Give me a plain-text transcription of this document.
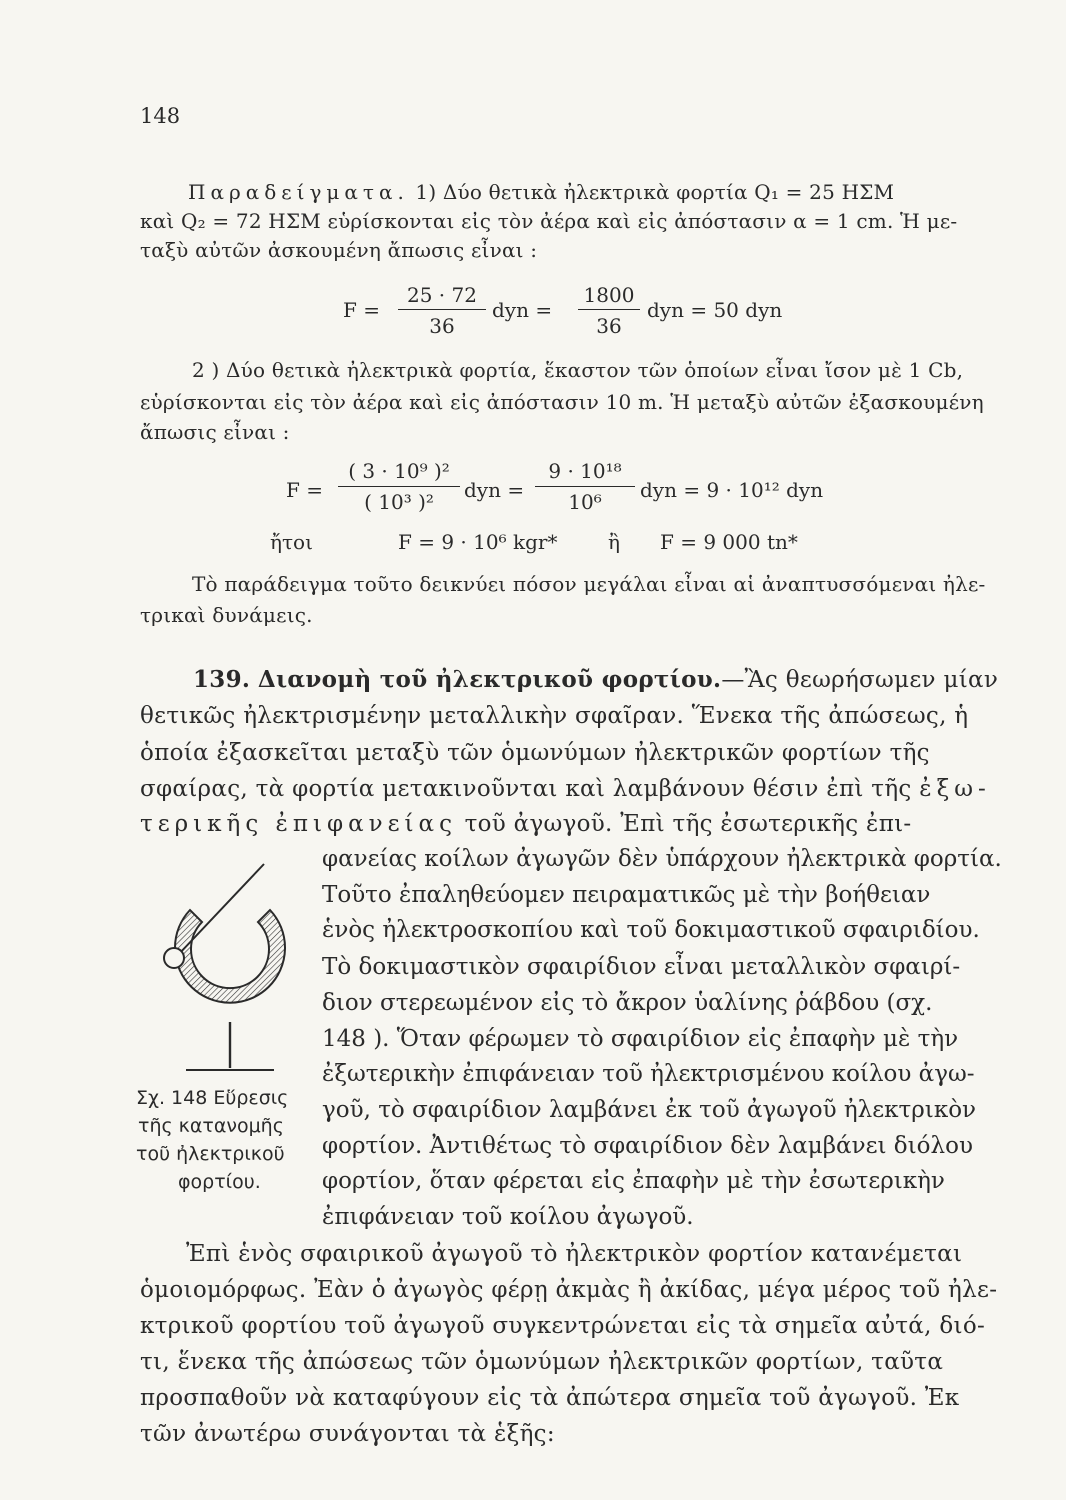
148
Παραδείγματα. 1) Δύο θετικὰ ἠλεκτρικὰ φορτία Q₁ = 25 ΗΣΜ
καὶ Q₂ = 72 ΗΣΜ εὑρίσκονται εἰς τὸν ἀέρα καὶ εἰς ἀπόστασιν α = 1 cm. Ἡ με-
ταξὺ αὐτῶν ἀσκουμένη ἄπωσις εἶναι :
F =
25 · 72
36
dyn =
1800
36
dyn = 50 dyn
2 ) Δύο θετικὰ ἠλεκτρικὰ φορτία, ἕκαστον τῶν ὁποίων εἶναι ἴσον μὲ 1 Cb,
εὑρίσκονται εἰς τὸν ἀέρα καὶ εἰς ἀπόστασιν 10 m. Ἡ μεταξὺ αὐτῶν ἐξασκουμένη
ἄπωσις εἶναι :
F =
( 3 · 10⁹ )²
( 10³ )²	dyn =
9 · 10¹⁸
10⁶	dyn = 9 · 10¹² dyn
ἤτοι	F = 9 · 10⁶ kgr*	ἢ F = 9 000 tn*
Τὸ παράδειγμα τοῦτο δεικνύει πόσον μεγάλαι εἶναι αἱ ἀναπτυσσόμεναι ἠλε-
τρικαὶ δυνάμεις.
139. Διανομὴ τοῦ ἠλεκτρικοῦ φορτίου.—Ἂς θεωρήσωμεν μίαν
θετικῶς ἠλεκτρισμένην μεταλλικὴν σφαῖραν. Ἕνεκα τῆς ἀπώσεως, ἡ
ὁποία ἐξασκεῖται μεταξὺ τῶν ὁμωνύμων ἠλεκτρικῶν φορτίων τῆς
σφαίρας, τὰ φορτία μετακινοῦνται καὶ λαμβάνουν θέσιν ἐπὶ τῆς ἐξω-
τερικῆς ἐπιφανείας τοῦ ἀγωγοῦ. Ἐπὶ τῆς ἐσωτερικῆς ἐπι-
Σχ. 148 Εὕρεσις
τῆς κατανομῆς
τοῦ ἠλεκτρικοῦ
φορτίου.
φανείας κοίλων ἀγωγῶν δὲν ὑπάρχουν ἠλεκτρικὰ φορτία.
Τοῦτο ἐπαληθεύομεν πειραματικῶς μὲ τὴν βοήθειαν
ἑνὸς ἠλεκτροσκοπίου καὶ τοῦ δοκιμαστικοῦ σφαιριδίου.
Τὸ δοκιμαστικὸν σφαιρίδιον εἶναι μεταλλικὸν σφαιρί-
διον στερεωμένον εἰς τὸ ἄκρον ὑαλίνης ῥάβδου (σχ.
148 ). Ὅταν φέρωμεν τὸ σφαιρίδιον εἰς ἐπαφὴν μὲ τὴν
ἐξωτερικὴν ἐπιφάνειαν τοῦ ἠλεκτρισμένου κοίλου ἀγω-
γοῦ, τὸ σφαιρίδιον λαμβάνει ἐκ τοῦ ἀγωγοῦ ἠλεκτρικὸν
φορτίον. Ἀντιθέτως τὸ σφαιρίδιον δὲν λαμβάνει διόλου
φορτίον, ὅταν φέρεται εἰς ἐπαφὴν μὲ τὴν ἐσωτερικὴν
ἐπιφάνειαν τοῦ κοίλου ἀγωγοῦ.
Ἐπὶ ἑνὸς σφαιρικοῦ ἀγωγοῦ τὸ ἠλεκτρικὸν φορτίον κατανέμεται
ὁμοιομόρφως. Ἐὰν ὁ ἀγωγὸς φέρῃ ἀκμὰς ἢ ἀκίδας, μέγα μέρος τοῦ ἠλε-
κτρικοῦ φορτίου τοῦ ἀγωγοῦ συγκεντρώνεται εἰς τὰ σημεῖα αὐτά, διό-
τι, ἕνεκα τῆς ἀπώσεως τῶν ὁμωνύμων ἠλεκτρικῶν φορτίων, ταῦτα
προσπαθοῦν νὰ καταφύγουν εἰς τὰ ἀπώτερα σημεῖα τοῦ ἀγωγοῦ. Ἐκ
τῶν ἀνωτέρω συνάγονται τὰ ἑξῆς:
